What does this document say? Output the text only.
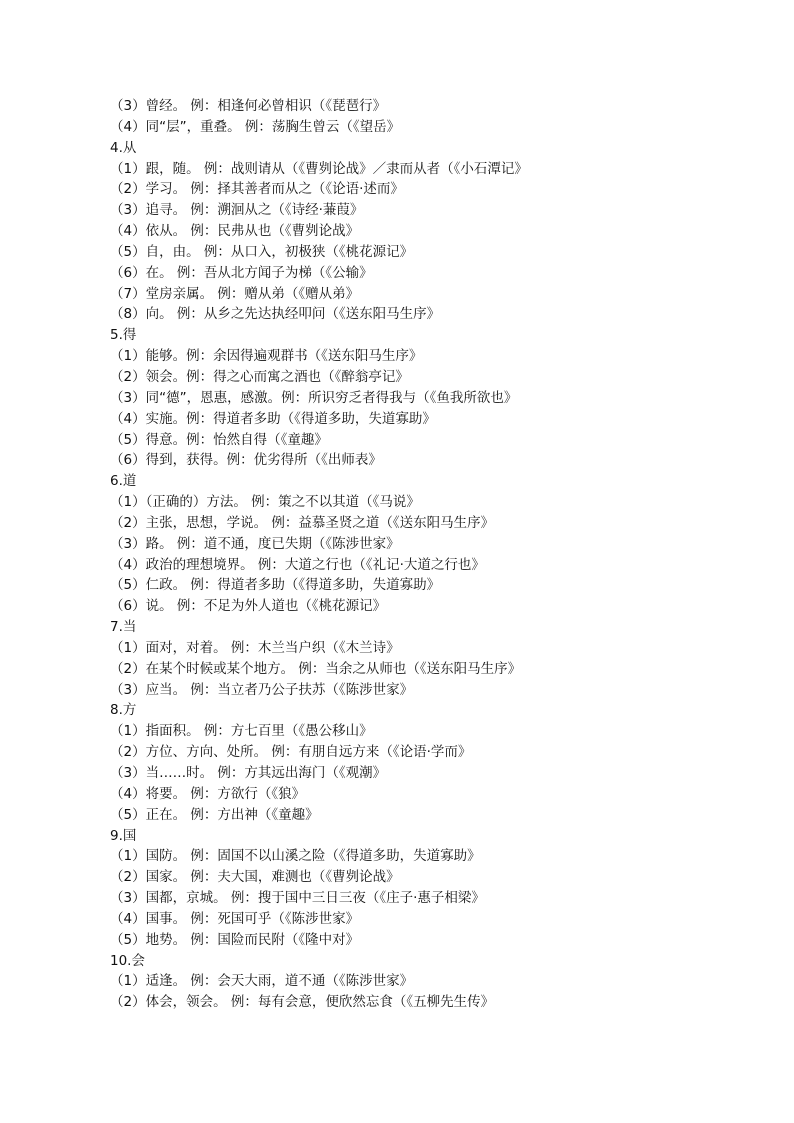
（3）曾经。 例：相逢何必曾相识（《琵琶行》
（4）同“层”，重叠。 例：荡胸生曾云（《望岳》
4.从
（1）跟，随。 例：战则请从（《曹刿论战》／隶而从者（《小石潭记》
（2）学习。 例：择其善者而从之（《论语·述而》
（3）追寻。 例：溯洄从之（《诗经·蒹葭》
（4）依从。 例：民弗从也（《曹刿论战》
（5）自，由。 例：从口入，初极狭（《桃花源记》
（6）在。 例：吾从北方闻子为梯（《公输》
（7）堂房亲属。 例：赠从弟（《赠从弟》
（8）向。 例：从乡之先达执经叩问（《送东阳马生序》
5.得
（1）能够。例：余因得遍观群书（《送东阳马生序》
（2）领会。例：得之心而寓之酒也（《醉翁亭记》
（3）同“德”，恩惠，感激。例：所识穷乏者得我与（《鱼我所欲也》
（4）实施。例：得道者多助（《得道多助，失道寡助》
（5）得意。例：怡然自得（《童趣》
（6）得到，获得。例：优劣得所（《出师表》
6.道
（1）（正确的）方法。 例：策之不以其道（《马说》
（2）主张，思想，学说。 例：益慕圣贤之道（《送东阳马生序》
（3）路。 例：道不通，度已失期（《陈涉世家》
（4）政治的理想境界。 例：大道之行也（《礼记·大道之行也》
（5）仁政。 例：得道者多助（《得道多助，失道寡助》
（6）说。 例：不足为外人道也（《桃花源记》
7.当
（1）面对，对着。 例：木兰当户织（《木兰诗》
（2）在某个时候或某个地方。 例：当余之从师也（《送东阳马生序》
（3）应当。 例：当立者乃公子扶苏（《陈涉世家》
8.方
（1）指面积。 例：方七百里（《愚公移山》
（2）方位、方向、处所。 例：有朋自远方来（《论语·学而》
（3）当……时。 例：方其远出海门（《观潮》
（4）将要。 例：方欲行（《狼》
（5）正在。 例：方出神（《童趣》
9.国
（1）国防。 例：固国不以山溪之险（《得道多助，失道寡助》
（2）国家。 例：夫大国，难测也（《曹刿论战》
（3）国都，京城。 例：搜于国中三日三夜（《庄子·惠子相梁》
（4）国事。 例：死国可乎（《陈涉世家》
（5）地势。 例：国险而民附（《隆中对》
10.会
（1）适逢。 例：会天大雨，道不通（《陈涉世家》
（2）体会，领会。 例：每有会意，便欣然忘食（《五柳先生传》
